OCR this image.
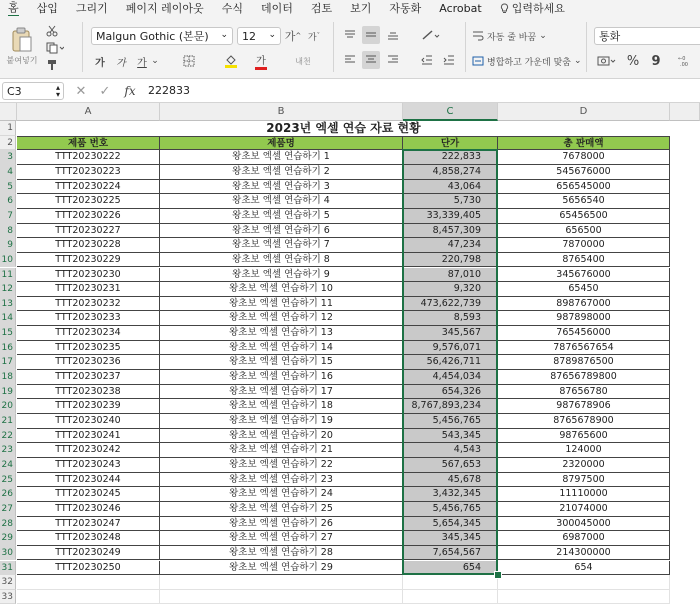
홈 삽입 그리기 페이지 레이아웃 수식 데이터 검토 보기 자동화 Acrobat	입력하세요
붙여넣기
Malgun Gothic (본문) ⌄ 12 ⌄ 가 ^ 가 ˇ
가 가 가 ⌄	가	내천
자동 줄 바꿈 ⌄
병합하고 가운데 맞춤 ⌄
통화
% 9	←0
.00
C3	▴
▾ ✕ ✓ fx 222833
A	B	C	D
1	2023년 엑셀 연습 자료 현황
2	제품 번호	제품명	단가	총 판매액
3	TTT20230222	왕초보 엑셀 연습하기 1	222,833	7678000
4	TTT20230223	왕초보 엑셀 연습하기 2	4,858,274	545676000
5	TTT20230224	왕초보 엑셀 연습하기 3	43,064	656545000
6	TTT20230225	왕초보 엑셀 연습하기 4	5,730	5656540
7	TTT20230226	왕초보 엑셀 연습하기 5	33,339,405	65456500
8	TTT20230227	왕초보 엑셀 연습하기 6	8,457,309	656500
9	TTT20230228	왕초보 엑셀 연습하기 7	47,234	7870000
10	TTT20230229	왕초보 엑셀 연습하기 8	220,798	8765400
11	TTT20230230	왕초보 엑셀 연습하기 9	87,010	345676000
12	TTT20230231	왕초보 엑셀 연습하기 10	9,320	65450
13	TTT20230232	왕초보 엑셀 연습하기 11	473,622,739	898767000
14	TTT20230233	왕초보 엑셀 연습하기 12	8,593	987898000
15	TTT20230234	왕초보 엑셀 연습하기 13	345,567	765456000
16	TTT20230235	왕초보 엑셀 연습하기 14	9,576,071	7876567654
17	TTT20230236	왕초보 엑셀 연습하기 15	56,426,711	8789876500
18	TTT20230237	왕초보 엑셀 연습하기 16	4,454,034	87656789800
19	TTT20230238	왕초보 엑셀 연습하기 17	654,326	87656780
20	TTT20230239	왕초보 엑셀 연습하기 18	8,767,893,234	987678906
21	TTT20230240	왕초보 엑셀 연습하기 19	5,456,765	8765678900
22	TTT20230241	왕초보 엑셀 연습하기 20	543,345	98765600
23	TTT20230242	왕초보 엑셀 연습하기 21	4,543	124000
24	TTT20230243	왕초보 엑셀 연습하기 22	567,653	2320000
25	TTT20230244	왕초보 엑셀 연습하기 23	45,678	8797500
26	TTT20230245	왕초보 엑셀 연습하기 24	3,432,345	11110000
27	TTT20230246	왕초보 엑셀 연습하기 25	5,456,765	21074000
28	TTT20230247	왕초보 엑셀 연습하기 26	5,654,345	300045000
29	TTT20230248	왕초보 엑셀 연습하기 27	345,345	6987000
30	TTT20230249	왕초보 엑셀 연습하기 28	7,654,567	214300000
31	TTT20230250	왕초보 엑셀 연습하기 29	654	654
32
33
